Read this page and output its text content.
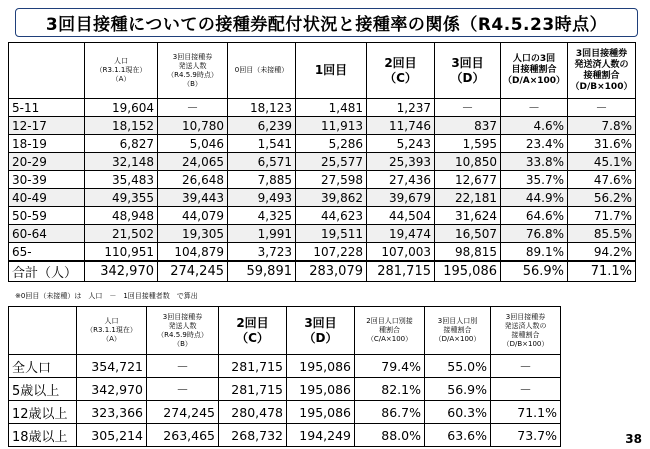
3回目接種についての接種券配付状況と接種率の関係（R4.5.23時点）
	人口
（R3.1.1現在）
（A）	3回目接種券
発送人数
（R4.5.9時点）
（B）	0回目（未接種）	1回目	2回目
（C）	3回目
（D）	人口の3回
目接種割合
（D/A×100）	3回目接種券
発送済人数の
接種割合
（D/B×100）
5-11	19,604	－	18,123	1,481	1,237	－	－	－
12-17	18,152	10,780	6,239	11,913	11,746	837	4.6%	7.8%
18-19	6,827	5,046	1,541	5,286	5,243	1,595	23.4%	31.6%
20-29	32,148	24,065	6,571	25,577	25,393	10,850	33.8%	45.1%
30-39	35,483	26,648	7,885	27,598	27,436	12,677	35.7%	47.6%
40-49	49,355	39,443	9,493	39,862	39,679	22,181	44.9%	56.2%
50-59	48,948	44,079	4,325	44,623	44,504	31,624	64.6%	71.7%
60-64	21,502	19,305	1,991	19,511	19,474	16,507	76.8%	85.5%
65-	110,951	104,879	3,723	107,228	107,003	98,815	89.1%	94.2%
合計（人）	342,970	274,245	59,891	283,079	281,715	195,086	56.9%	71.1%
※0回目（未接種）は　人口　－　1回目接種者数　で算出
	人口
（R3.1.1現在）
（A）	3回目接種券
発送人数
（R4.5.9時点）
（B）	2回目
（C）	3回目
（D）	2回目人口別接
種割合
（C/A×100）	3回目人口別
接種割合
（D/A×100）	3回目接種券
発送済人数の
接種割合
（D/B×100）
全人口	354,721	－	281,715	195,086	79.4%	55.0%	－
5歳以上	342,970	－	281,715	195,086	82.1%	56.9%	－
12歳以上	323,366	274,245	280,478	195,086	86.7%	60.3%	71.1%
18歳以上	305,214	263,465	268,732	194,249	88.0%	63.6%	73.7%	38
